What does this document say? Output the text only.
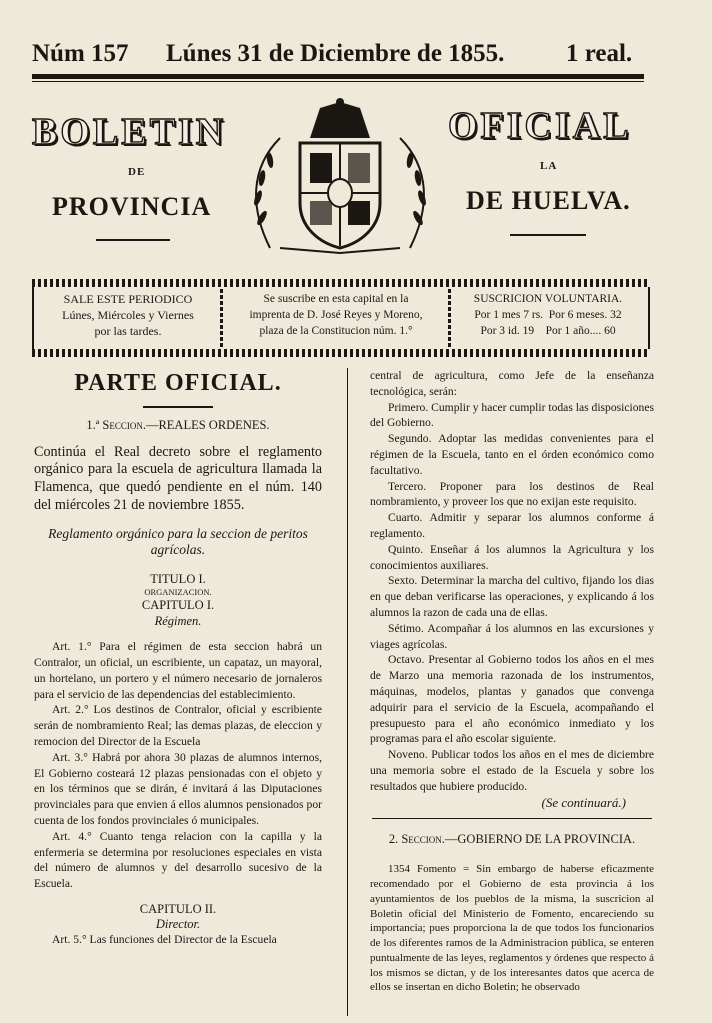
Núm 157 Lúnes 31 de Diciembre de 1855. 1 real.
BOLETIN	OFICIAL
DE	LA
PROVINCIA	DE HUELVA.
SALE ESTE PERIODICO
Lúnes, Miércoles y Viernes
por las tardes.
Se suscribe en esta capital en la
imprenta de D. José Reyes y Moreno,
plaza de la Constitucion núm. 1.°
SUSCRICION VOLUNTARIA.
Por 1 mes 7 rs.  Por 6 meses. 32
Por 3 id. 19    Por 1 año.... 60
PARTE OFICIAL.
1.ª Seccion.—REALES ORDENES.

Continúa el Real decreto sobre el reglamento orgánico para la escuela de agricultura llamada la Flamenca, que quedó pendiente en el núm. 140 del miércoles 21 de noviembre 1855.

Reglamento orgánico para la seccion de peritos agrícolas.

TITULO I.

ORGANIZACION.

CAPITULO I.

Régimen.

Art. 1.° Para el régimen de esta seccion habrá un Contralor, un oficial, un escribiente, un capataz, un mayoral, un hortelano, un portero y el número necesario de jornaleros para el servicio de las dependencias del establecimiento.

Art. 2.° Los destinos de Contralor, oficial y escribiente serán de nombramiento Real; las demas plazas, de eleccion y remocion del Director de la Escuela

Art. 3.° Habrá por ahora 30 plazas de alumnos internos, El Gobierno costeará 12 plazas pensionadas con el objeto y en los términos que se dirán, é invitará á las Diputaciones provinciales para que envien á ellos alumnos pensionados por cuenta de los fondos provinciales ó municipales.

Art. 4.° Cuanto tenga relacion con la capilla y la enfermeria se determina por resoluciones especiales en vista del número de alumnos y del desarrollo sucesivo de la Escuela.

CAPITULO II.

Director.

Art. 5.° Las funciones del Director de la Escuela

central de agricultura, como Jefe de la enseñanza tecnológica, serán:

Primero. Cumplir y hacer cumplir todas las disposiciones del Gobierno.

Segundo. Adoptar las medidas convenientes para el régimen de la Escuela, tanto en el órden económico como facultativo.

Tercero. Proponer para los destinos de Real nombramiento, y proveer los que no exijan este requisito.

Cuarto. Admitir y separar los alumnos conforme á reglamento.

Quinto. Enseñar á los alumnos la Agricultura y los conocimientos auxiliares.

Sexto. Determinar la marcha del cultivo, fijando los dias en que deban verificarse las operaciones, y explicando á los alumnos la razon de cada una de ellas.

Sétimo. Acompañar á los alumnos en las excursiones y viages agrícolas.

Octavo. Presentar al Gobierno todos los años en el mes de Marzo una memoria razonada de los instrumentos, máquinas, modelos, plantas y ganados que convenga adquirir para el servicio de la Escuela, acompañando el presupuesto para el año económico inmediato y los programas para el año escolar siguiente.

Noveno. Publicar todos los años en el mes de diciembre una memoria sobre el estado de la Escuela y sobre los resultados que hubiere producido.

(Se continuará.)

2. Seccion.—GOBIERNO DE LA PROVINCIA.

1354 Fomento = Sin embargo de haberse eficazmente recomendado por el Gobierno de esta provincia á los ayuntamientos de los pueblos de la misma, la suscricion al Boletin oficial del Ministerio de Fomento, encareciendo su importancia; pues proporciona la de que todos los funcionarios de los diferentes ramos de la Administracion pública, se enteren puntualmente de las leyes, reglamentos y órdenes que respecto á los mismos se dictan, y de los interesantes datos que acerca de ellos se insertan en dicho Boletin; he observado
